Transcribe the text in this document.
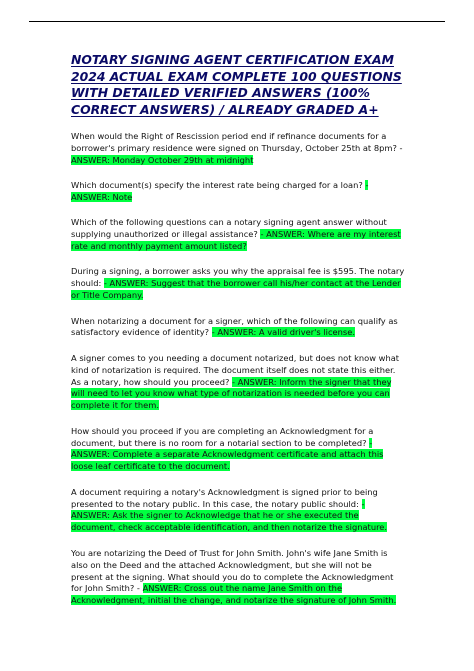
NOTARY SIGNING AGENT CERTIFICATION EXAM 2024 ACTUAL EXAM COMPLETE 100 QUESTIONS WITH DETAILED VERIFIED ANSWERS (100% CORRECT ANSWERS) / ALREADY GRADED A+

When would the Right of Rescission period end if refinance documents for a borrower's primary residence were signed on Thursday, October 25th at 8pm? - ANSWER: Monday October 29th at midnight

Which document(s) specify the interest rate being charged for a loan? - ANSWER: Note

Which of the following questions can a notary signing agent answer without supplying unauthorized or illegal assistance? - ANSWER: Where are my interest rate and monthly payment amount listed?

During a signing, a borrower asks you why the appraisal fee is $595. The notary should: - ANSWER: Suggest that the borrower call his/her contact at the Lender or Title Company.

When notarizing a document for a signer, which of the following can qualify as satisfactory evidence of identity? - ANSWER: A valid driver's license.

A signer comes to you needing a document notarized, but does not know what kind of notarization is required. The document itself does not state this either. As a notary, how should you proceed? - ANSWER: Inform the signer that they will need to let you know what type of notarization is needed before you can complete it for them.

How should you proceed if you are completing an Acknowledgment for a document, but there is no room for a notarial section to be completed? - ANSWER: Complete a separate Acknowledgment certificate and attach this loose leaf certificate to the document.

A document requiring a notary's Acknowledgment is signed prior to being presented to the notary public. In this case, the notary public should: - ANSWER: Ask the signer to Acknowledge that he or she executed the document, check acceptable identification, and then notarize the signature.

You are notarizing the Deed of Trust for John Smith. John's wife Jane Smith is also on the Deed and the attached Acknowledgment, but she will not be present at the signing. What should you do to complete the Acknowledgment for John Smith? - ANSWER: Cross out the name Jane Smith on the Acknowledgment, initial the change, and notarize the signature of John Smith.
